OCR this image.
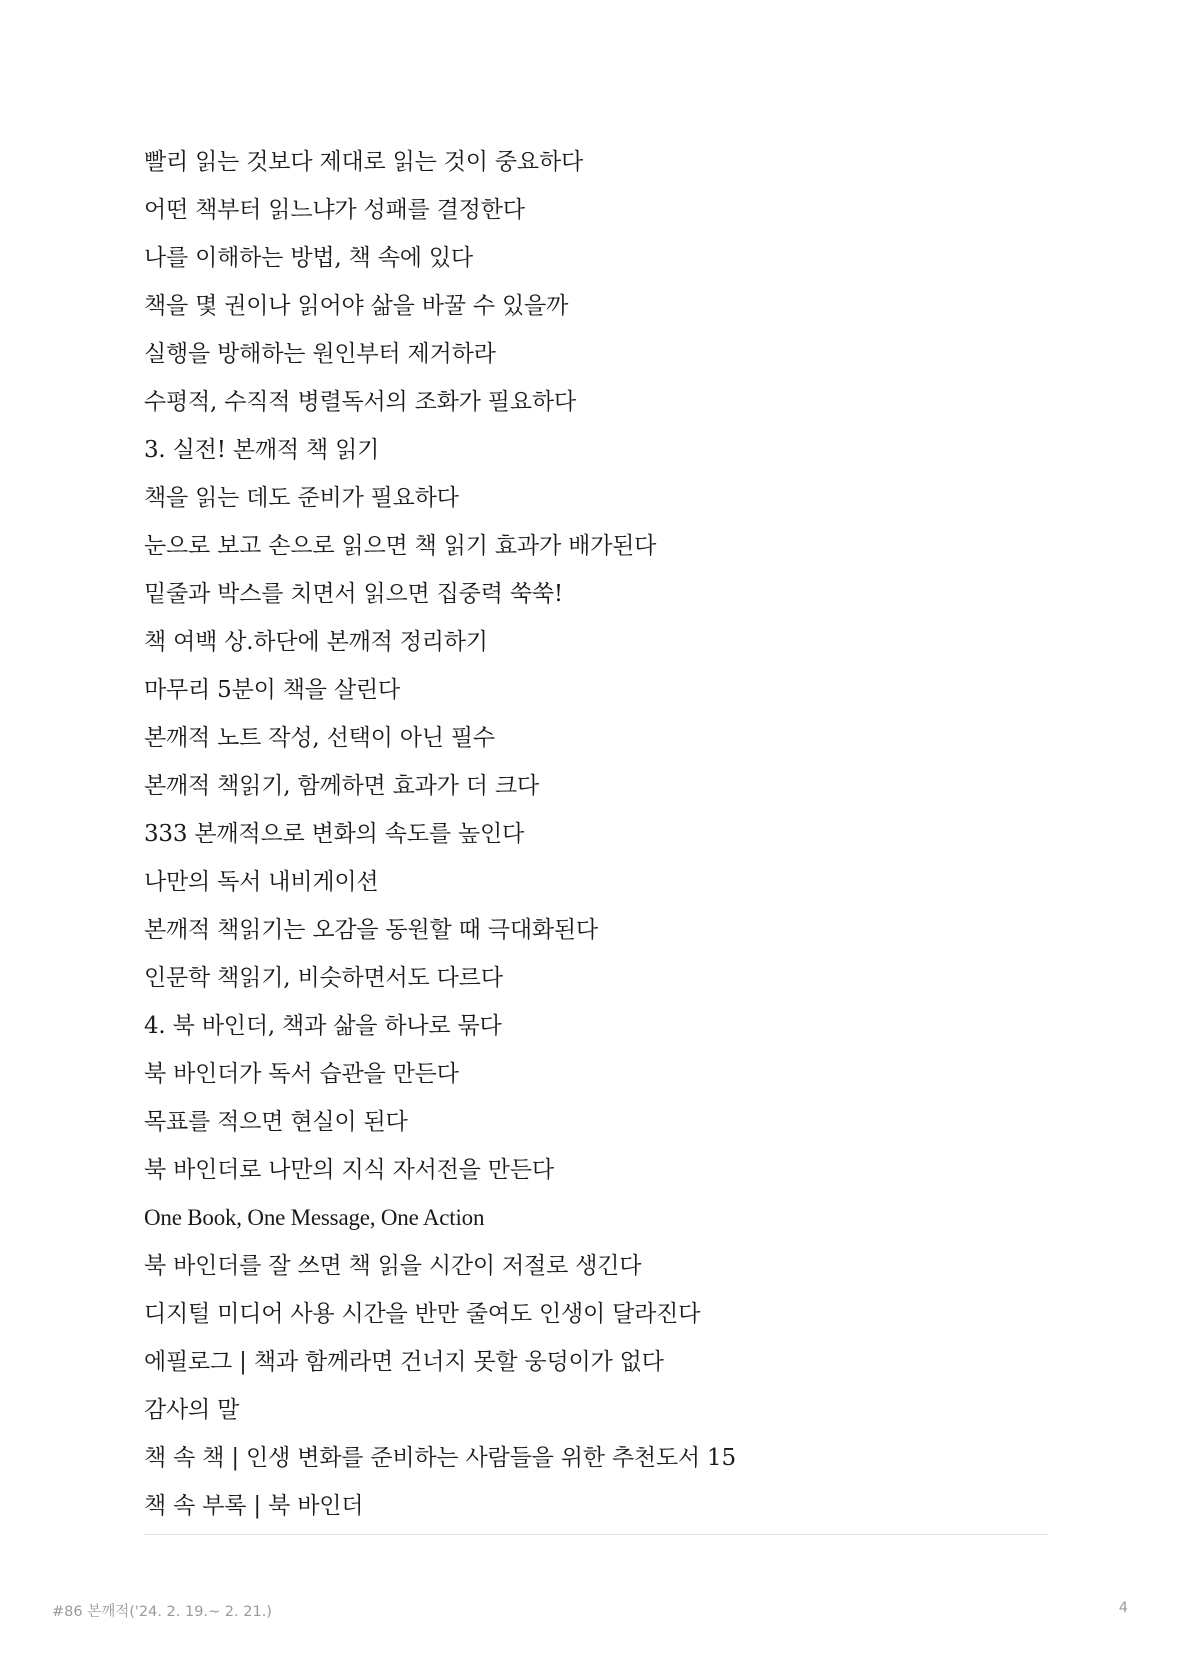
빨리 읽는 것보다 제대로 읽는 것이 중요하다
어떤 책부터 읽느냐가 성패를 결정한다
나를 이해하는 방법, 책 속에 있다
책을 몇 권이나 읽어야 삶을 바꿀 수 있을까
실행을 방해하는 원인부터 제거하라
수평적, 수직적 병렬독서의 조화가 필요하다
3. 실전! 본깨적 책 읽기
책을 읽는 데도 준비가 필요하다
눈으로 보고 손으로 읽으면 책 읽기 효과가 배가된다
밑줄과 박스를 치면서 읽으면 집중력 쑥쑥!
책 여백 상.하단에 본깨적 정리하기
마무리 5분이 책을 살린다
본깨적 노트 작성, 선택이 아닌 필수
본깨적 책읽기, 함께하면 효과가 더 크다
333 본깨적으로 변화의 속도를 높인다
나만의 독서 내비게이션
본깨적 책읽기는 오감을 동원할 때 극대화된다
인문학 책읽기, 비슷하면서도 다르다
4. 북 바인더, 책과 삶을 하나로 묶다
북 바인더가 독서 습관을 만든다
목표를 적으면 현실이 된다
북 바인더로 나만의 지식 자서전을 만든다
One Book, One Message, One Action
북 바인더를 잘 쓰면 책 읽을 시간이 저절로 생긴다
디지털 미디어 사용 시간을 반만 줄여도 인생이 달라진다
에필로그 | 책과 함께라면 건너지 못할 웅덩이가 없다
감사의 말
책 속 책 | 인생 변화를 준비하는 사람들을 위한 추천도서 15
책 속 부록 | 북 바인더
#86 본깨적('24. 2. 19.~ 2. 21.)	4
